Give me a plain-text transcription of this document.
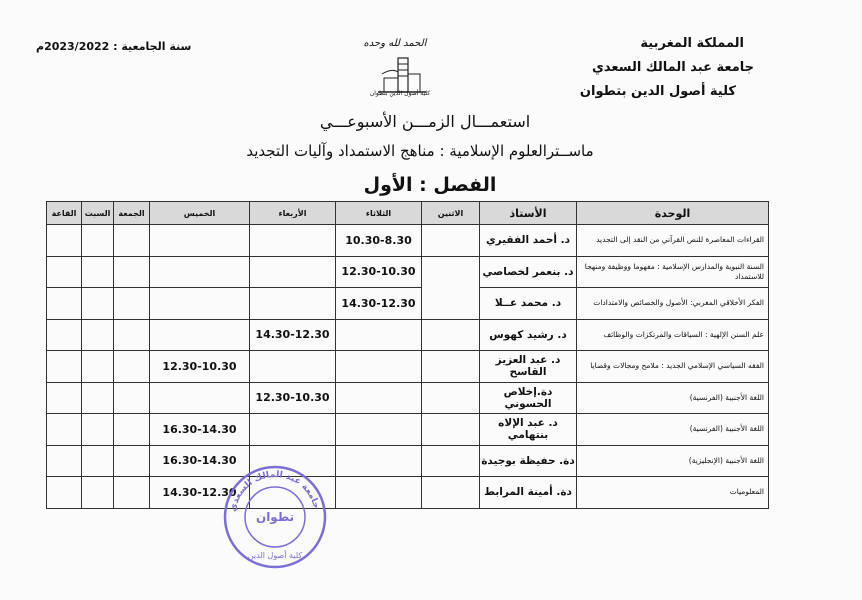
المملكة المغربية
جامعة عبد المالك السعدي
كلية أصول الدين بتطوان
سنة الجامعية : 2023/2022م	الحمد لله وحده
كلية أصول الدين بتطوان
استعمـــال الزمـــن الأسبوعـــي
ماســترالعلوم الإسلامية : مناهج الاستمداد وآليات التجديد
الفصل : الأول
القاعة	السبت	الجمعة	الخميس	الأربعاء	الثلاثاء	الاثنين	الأستاذ	الوحدة
					10.30-8.30		د. أحمد الفقيري	القراءات المعاصرة للنص القرآني من النقد إلى التجديد
					12.30-10.30		د. بنعمر لخصاصي	السنة النبوية والمدارس الإسلامية : مفهوما ووظيفة ومنهجا للاستمداد
					14.30-12.30		د. محمد عــلا	الفكر الأخلاقي المغربي: الأصول والخصائص والامتدادات
				14.30-12.30			د. رشيد كهوس	علم السنن الإلهية : السياقات والمرتكزات والوظائف
			12.30-10.30				د. عبد العزيز القاسح	الفقه السياسي الإسلامي الجديد : ملامح ومجالات وقضايا
				12.30-10.30			دة.إخلاص الحسوني	اللغة الأجنبية (الفرنسية)
			16.30-14.30				د. عبد الإلاه بنتهامي	اللغة الأجنبية (الفرنسية)
			16.30-14.30				دة. حفيظة بوجيدة	اللغة الأجنبية (الإنجليزية)
			14.30-12.30				دة. أمينة المرابط	المعلوميات
جامعة عبد المالك السعدي
تطوان
كلية أصول الدين
